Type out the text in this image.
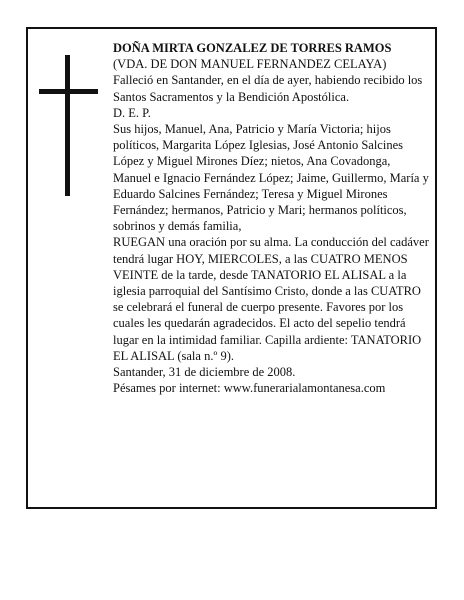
DOÑA MIRTA GONZALEZ DE TORRES RAMOS

(VDA. DE DON MANUEL FERNANDEZ CELAYA)

Falleció en Santander, en el día de ayer, habiendo recibido los Santos Sacramentos y la Bendición Apostólica.

D. E. P.

Sus hijos, Manuel, Ana, Patricio y María Victoria; hijos políticos, Margarita López Iglesias, José Antonio Salcines López y Miguel Mirones Díez; nietos, Ana Covadonga, Manuel e Ignacio Fernández López; Jaime, Guillermo, María y Eduardo Salcines Fernández; Teresa y Miguel Mirones Fernández; hermanos, Patricio y Mari; hermanos políticos, sobrinos y demás familia,

RUEGAN una oración por su alma. La conducción del cadáver tendrá lugar HOY, MIERCOLES, a las CUATRO MENOS VEINTE de la tarde, desde TANATORIO EL ALISAL a la iglesia parroquial del Santísimo Cristo, donde a las CUATRO se celebrará el funeral de cuerpo presente. Favores por los cuales les quedarán agradecidos. El acto del sepelio tendrá lugar en la intimidad familiar. Capilla ardiente: TANATORIO EL ALISAL (sala n.º 9).

Santander, 31 de diciembre de 2008.

Pésames por internet: www.funerarialamontanesa.com
